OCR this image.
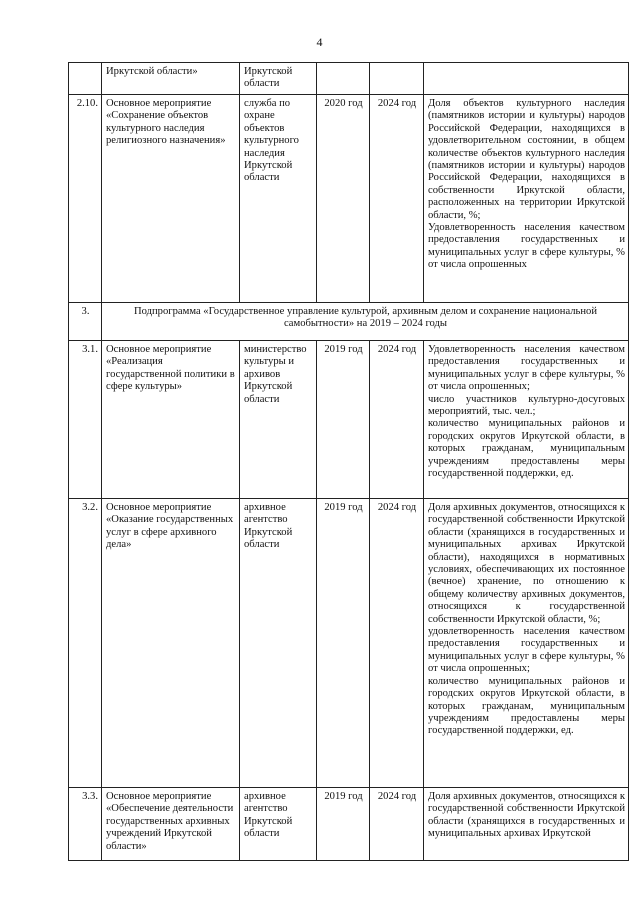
4
	Иркутской области»	Иркутской области			

2.10.	Основное мероприятие «Сохранение объектов культурного наследия религиозного назначения»	служба по охране объектов культурного наследия Иркутской области	2020 год	2024 год	Доля объектов культурного наследия (памятников истории и культуры) народов Российской Федерации, находящихся в удовлетворительном состоянии, в общем количестве объектов культурного наследия (памятников истории и культуры) народов Российской Федерации, находящихся в собственности Иркутской области, расположенных на территории Иркутской области, %;
Удовлетворенность населения качеством предоставления государственных и муниципальных услуг в сфере культуры, % от числа опрошенных

3.	Подпрограмма «Государственное управление культурой, архивным делом и сохранение национальной самобытности» на 2019 – 2024 годы				
3.1.	Основное мероприятие «Реализация государственной политики в сфере культуры»	министерство культуры и архивов Иркутской области	2019 год	2024 год	Удовлетворенность населения качеством предоставления государственных и муниципальных услуг в сфере культуры, % от числа опрошенных;
число участников культурно-досуговых мероприятий, тыс. чел.;
количество муниципальных районов и городских округов Иркутской области, в которых гражданам, муниципальным учреждениям предоставлены меры государственной поддержки, ед.

3.2.	Основное мероприятие «Оказание государственных услуг в сфере архивного дела»	архивное агентство Иркутской области	2019 год	2024 год	Доля архивных документов, относящихся к государственной собственности Иркутской области (хранящихся в государственных и муниципальных архивах Иркутской области), находящихся в нормативных условиях, обеспечивающих их постоянное (вечное) хранение, по отношению к общему количеству архивных документов, относящихся к государственной собственности Иркутской области, %;
удовлетворенность населения качеством предоставления государственных и муниципальных услуг в сфере культуры, % от числа опрошенных;
количество муниципальных районов и городских округов Иркутской области, в которых гражданам, муниципальным учреждениям предоставлены меры государственной поддержки, ед.

3.3.	Основное мероприятие «Обеспечение деятельности государственных архивных учреждений Иркутской области»	архивное агентство Иркутской области	2019 год	2024 год	Доля архивных документов, относящихся к государственной собственности Иркутской области (хранящихся в государственных и муниципальных архивах Иркутской
